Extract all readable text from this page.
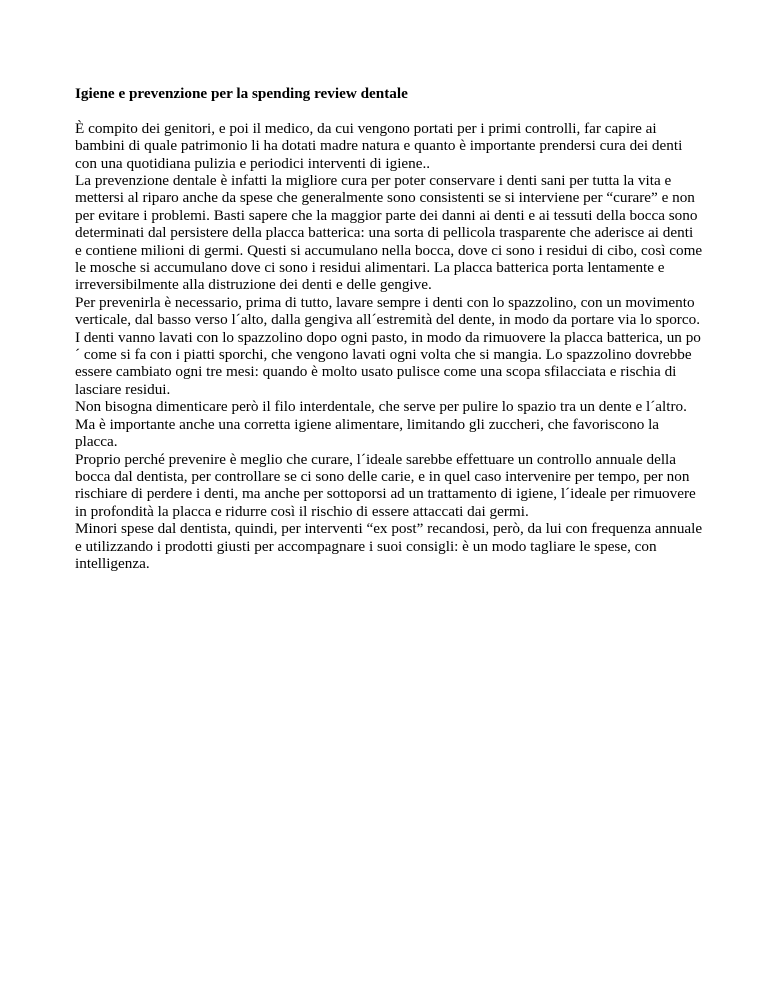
Igiene e prevenzione per la spending review dentale

È compito dei genitori, e poi il medico, da cui vengono portati per i primi controlli, far capire ai bambini di quale patrimonio li ha dotati madre natura e quanto è importante prendersi cura dei denti con una quotidiana pulizia e periodici interventi di igiene..

La prevenzione dentale è infatti la migliore cura per poter conservare i denti sani per tutta la vita e mettersi al riparo anche da spese che generalmente sono consistenti se si interviene per “curare” e non per evitare i problemi. Basti sapere che la maggior parte dei danni ai denti e ai tessuti della bocca sono determinati dal persistere della placca batterica: una sorta di pellicola trasparente che aderisce ai denti e contiene milioni di germi. Questi si accumulano nella bocca, dove ci sono i residui di cibo, così come le mosche si accumulano dove ci sono i residui alimentari. La placca batterica porta lentamente e irreversibilmente alla distruzione dei denti e delle gengive.

Per prevenirla è necessario, prima di tutto, lavare sempre i denti con lo spazzolino, con un movimento verticale, dal basso verso l´alto, dalla gengiva all´estremità del dente, in modo da portare via lo sporco.

I denti vanno lavati con lo spazzolino dopo ogni pasto, in modo da rimuovere la placca batterica, un po´ come si fa con i piatti sporchi, che vengono lavati ogni volta che si mangia. Lo spazzolino dovrebbe essere cambiato ogni tre mesi: quando è molto usato pulisce come una scopa sfilacciata e rischia di lasciare residui.

Non bisogna dimenticare però il filo interdentale, che serve per pulire lo spazio tra un dente e l´altro. Ma è importante anche una corretta igiene alimentare, limitando gli zuccheri, che favoriscono la placca.

Proprio perché prevenire è meglio che curare, l´ideale sarebbe effettuare un controllo annuale della bocca dal dentista, per controllare se ci sono delle carie, e in quel caso intervenire per tempo, per non rischiare di perdere i denti, ma anche per sottoporsi ad un trattamento di igiene, l´ideale per rimuovere in profondità la placca e ridurre così il rischio di essere attaccati dai germi.

Minori spese dal dentista, quindi, per interventi “ex post” recandosi, però, da lui con frequenza annuale e utilizzando i prodotti giusti per accompagnare i suoi consigli: è un modo tagliare le spese, con intelligenza.
